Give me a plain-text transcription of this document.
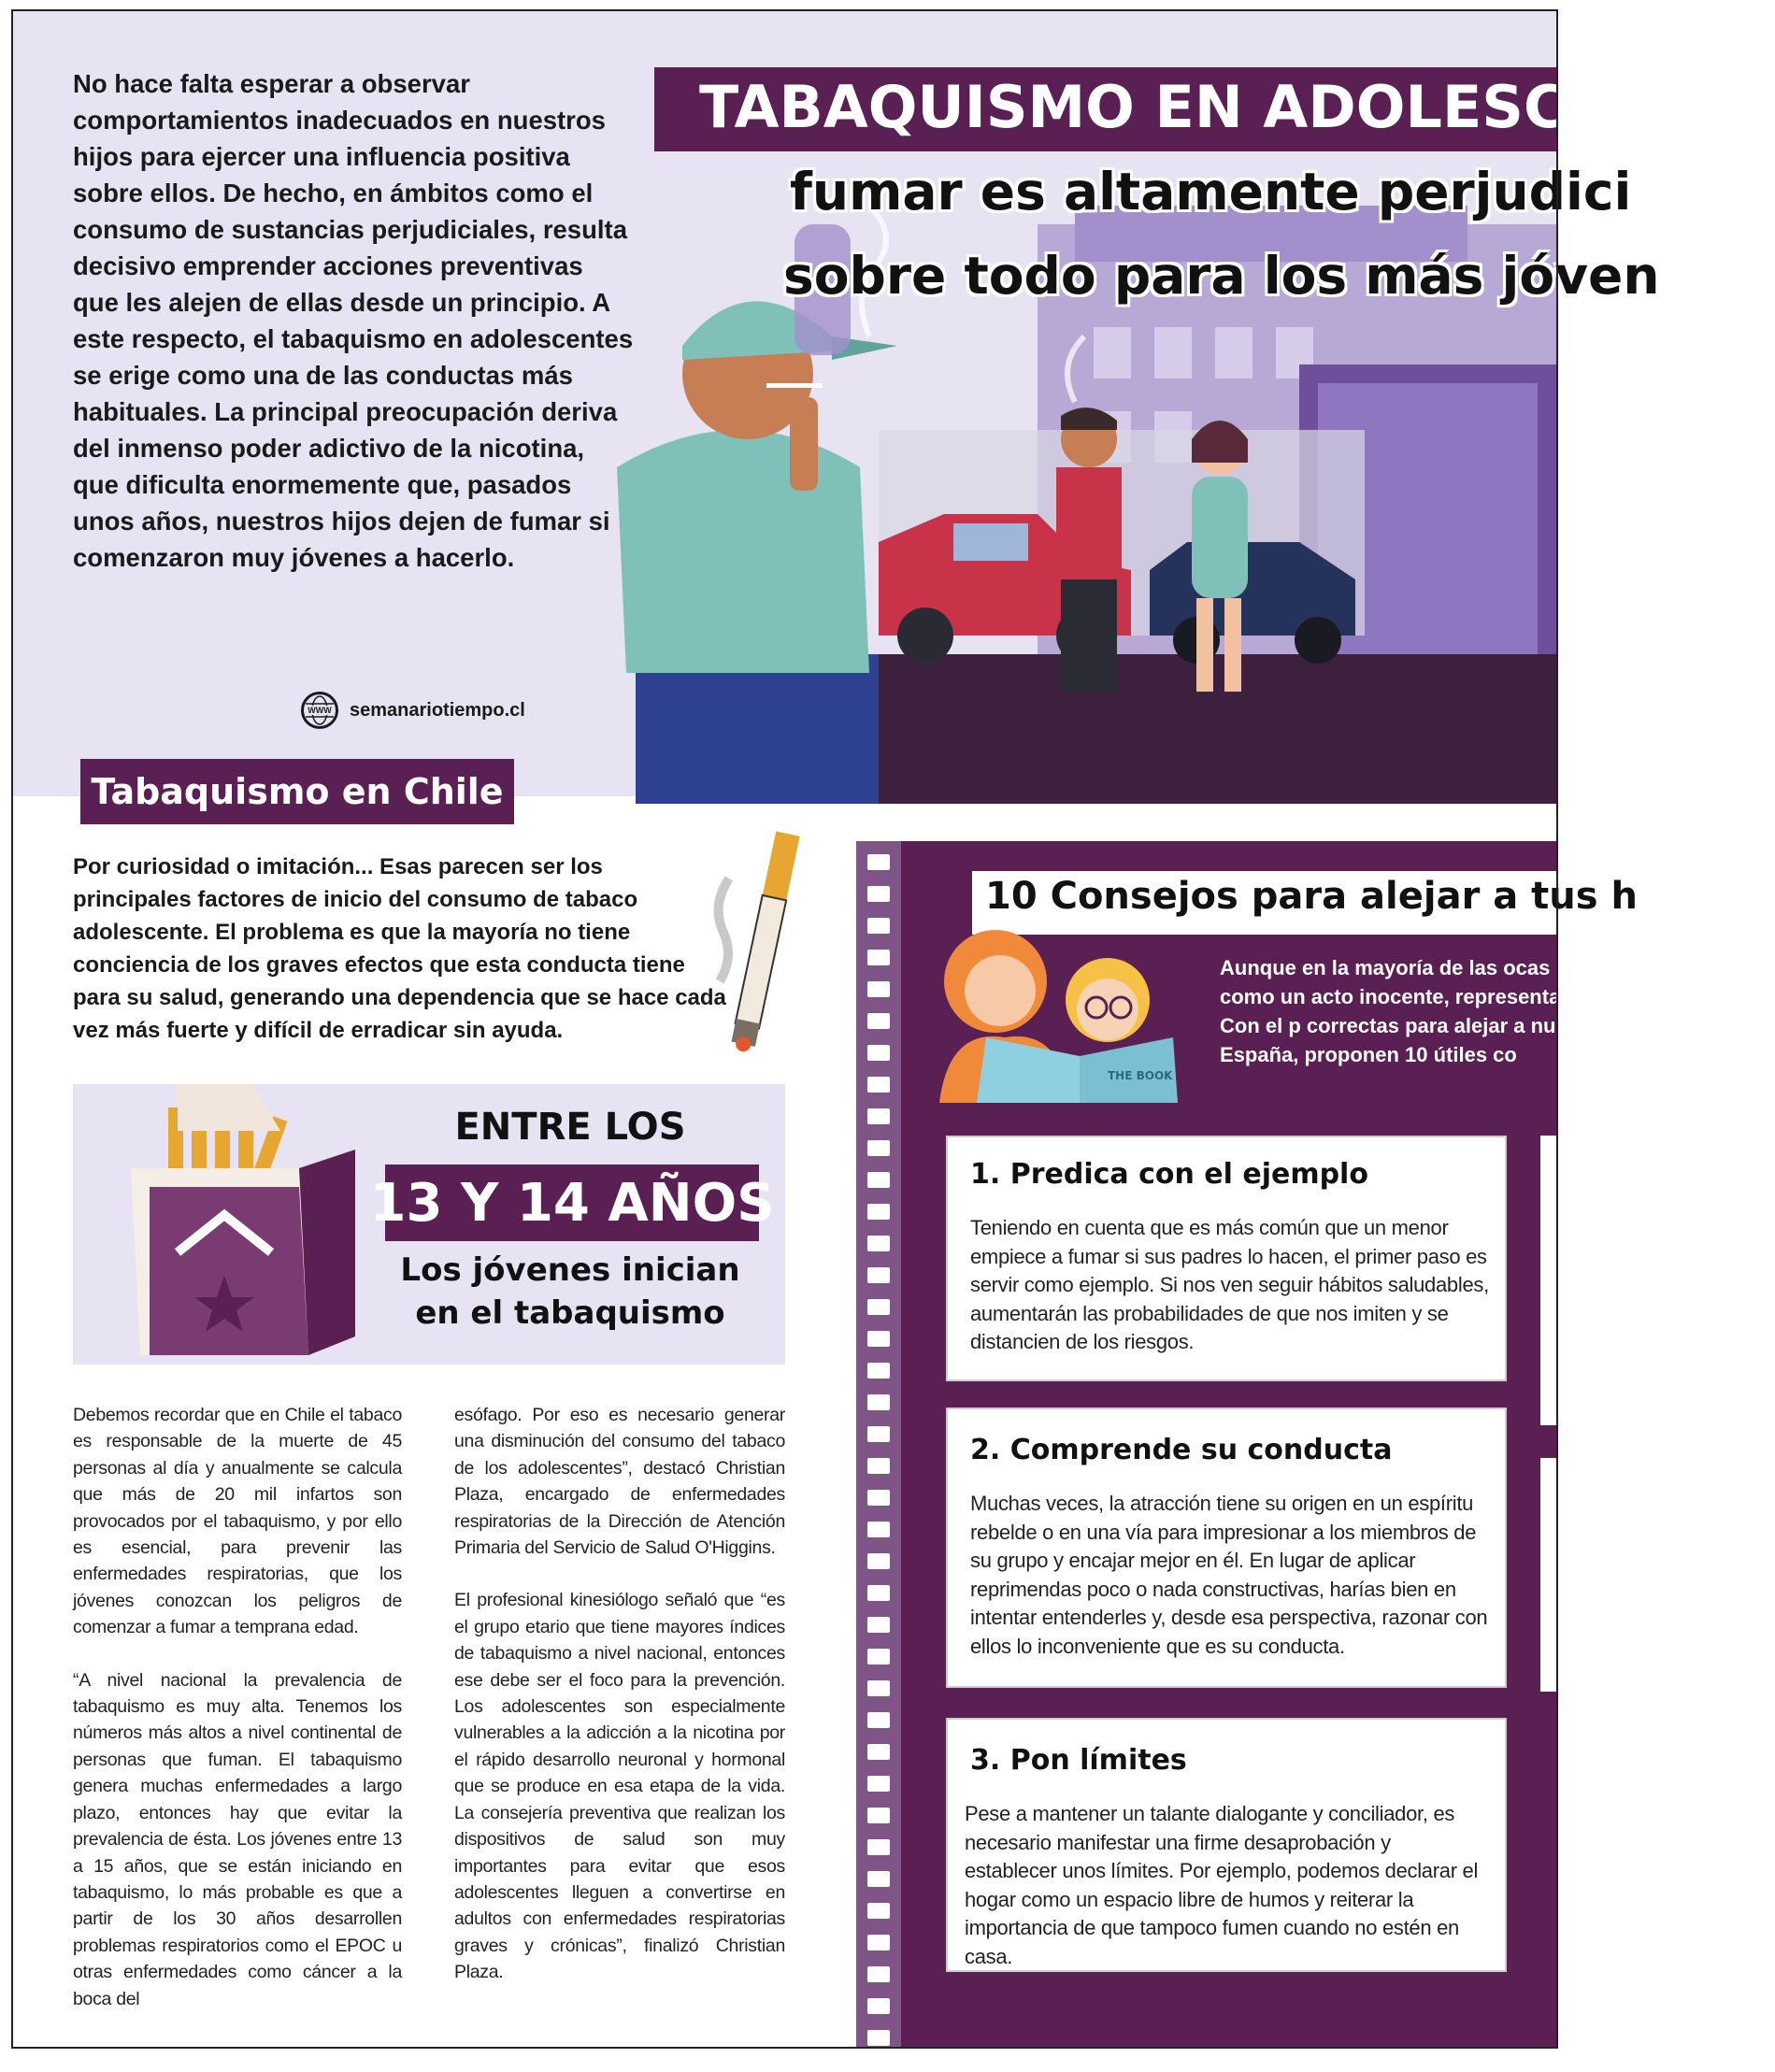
No hace falta esperar a observar comportamientos inadecuados en nuestros hijos para ejercer una influencia positiva sobre ellos. De hecho, en ámbitos como el consumo de sustancias perjudiciales, resulta decisivo emprender acciones preventivas que les alejen de ellas desde un principio. A este respecto, el tabaquismo en adolescentes se erige como una de las conductas más habituales. La principal preocupación deriva del inmenso poder adictivo de la nicotina, que dificulta enormemente que, pasados unos años, nuestros hijos dejen de fumar si comenzaron muy jóvenes a hacerlo.
WWW semanariotiempo.cl
TABAQUISMO EN ADOLESCENTES
fumar es altamente perjudici
sobre todo para los más jóven
Tabaquismo en Chile
Por curiosidad o imitación... Esas parecen ser los principales factores de inicio del consumo de tabaco adolescente. El problema es que la mayoría no tiene conciencia de los graves efectos que esta conducta tiene para su salud, generando una dependencia que se hace cada vez más fuerte y difícil de erradicar sin ayuda.
ENTRE LOS
13 Y 14 AÑOS
Los jóvenes inician en el tabaquismo

Debemos recordar que en Chile el tabaco es responsable de la muerte de 45 personas al día y anualmente se calcula que más de 20 mil infartos son provocados por el tabaquismo, y por ello es esencial, para prevenir las enfermedades respiratorias, que los jóvenes conozcan los peligros de comenzar a fumar a temprana edad.

“A nivel nacional la prevalencia de tabaquismo es muy alta. Tenemos los números más altos a nivel continental de personas que fuman. El tabaquismo genera muchas enfermedades a largo plazo, entonces hay que evitar la prevalencia de ésta. Los jóvenes entre 13 a 15 años, que se están iniciando en tabaquismo, lo más probable es que a partir de los 30 años desarrollen problemas respiratorios como el EPOC u otras enfermedades como cáncer a la boca del

esófago. Por eso es necesario generar una disminución del consumo del tabaco de los adolescentes”, destacó Christian Plaza, encargado de enfermedades respiratorias de la Dirección de Atención Primaria del Servicio de Salud O'Higgins.

El profesional kinesiólogo señaló que “es el grupo etario que tiene mayores índices de tabaquismo a nivel nacional, entonces ese debe ser el foco para la prevención. Los adolescentes son especialmente vulnerables a la adicción a la nicotina por el rápido desarrollo neuronal y hormonal que se produce en esa etapa de la vida. La consejería preventiva que realizan los dispositivos de salud son muy importantes para evitar que esos adolescentes lleguen a convertirse en adultos con enfermedades respiratorias graves y crónicas”, finalizó Christian Plaza.

10 Consejos para alejar a tus h
THE BOOK
Aunque en la mayoría de las ocas comienza como un acto inocente, representa a largo plazo. Con el p correctas para alejar a nuestros h de España, proponen 10 útiles co
1. Predica con el ejemplo

Teniendo en cuenta que es más común que un menor empiece a fumar si sus padres lo hacen, el primer paso es servir como ejemplo. Si nos ven seguir hábitos saludables, aumentarán las probabilidades de que nos imiten y se distancien de los riesgos.

2. Comprende su conducta

Muchas veces, la atracción tiene su origen en un espíritu rebelde o en una vía para impresionar a los miembros de su grupo y encajar mejor en él. En lugar de aplicar reprimendas poco o nada constructivas, harías bien en intentar entenderles y, desde esa perspectiva, razonar con ellos lo inconveniente que es su conducta.

3. Pon límites

Pese a mantener un talante dialogante y conciliador, es necesario manifestar una firme desaprobación y establecer unos límites. Por ejemplo, podemos declarar el hogar como un espacio libre de humos y reiterar la importancia de que tampoco fumen cuando no estén en casa.
